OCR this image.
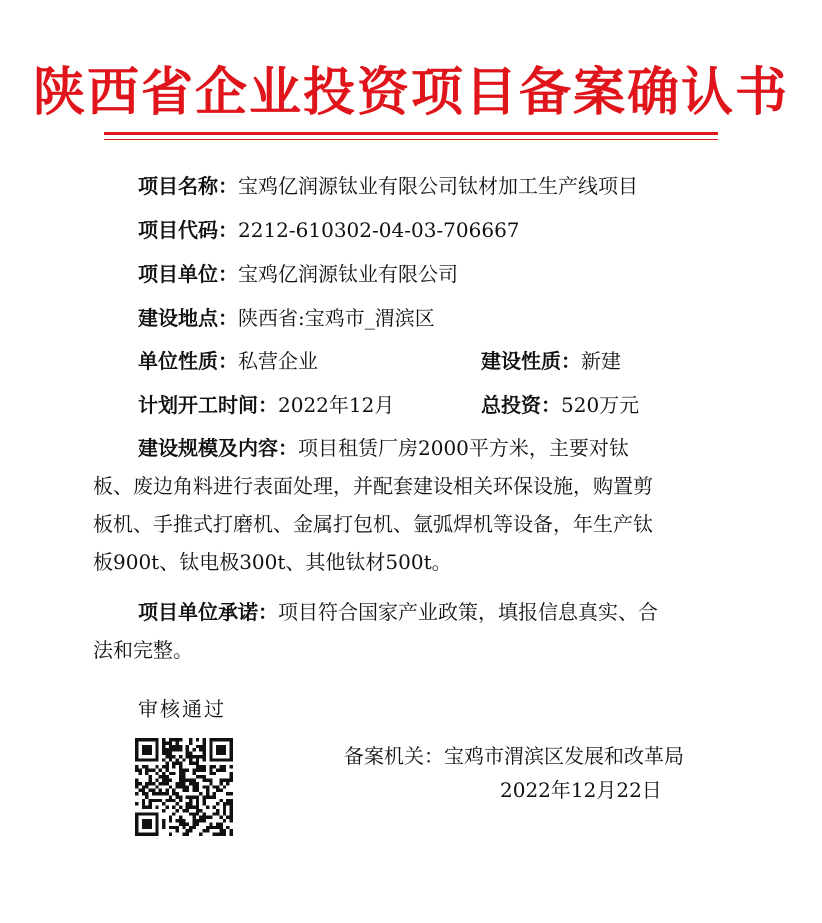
陕西省企业投资项目备案确认书
项目名称：宝鸡亿润源钛业有限公司钛材加工生产线项目
项目代码：2212-610302-04-03-706667
项目单位：宝鸡亿润源钛业有限公司
建设地点：陕西省:宝鸡市_渭滨区
单位性质：私营企业	建设性质：新建
计划开工时间：2022年12月	总投资：520万元
建设规模及内容：项目租赁厂房2000平方米，主要对钛
板、废边角料进行表面处理，并配套建设相关环保设施，购置剪
板机、手推式打磨机、金属打包机、氩弧焊机等设备，年生产钛
板900t、钛电极300t、其他钛材500t。
项目单位承诺：项目符合国家产业政策，填报信息真实、合
法和完整。
审核通过
备案机关：宝鸡市渭滨区发展和改革局
2022年12月22日
